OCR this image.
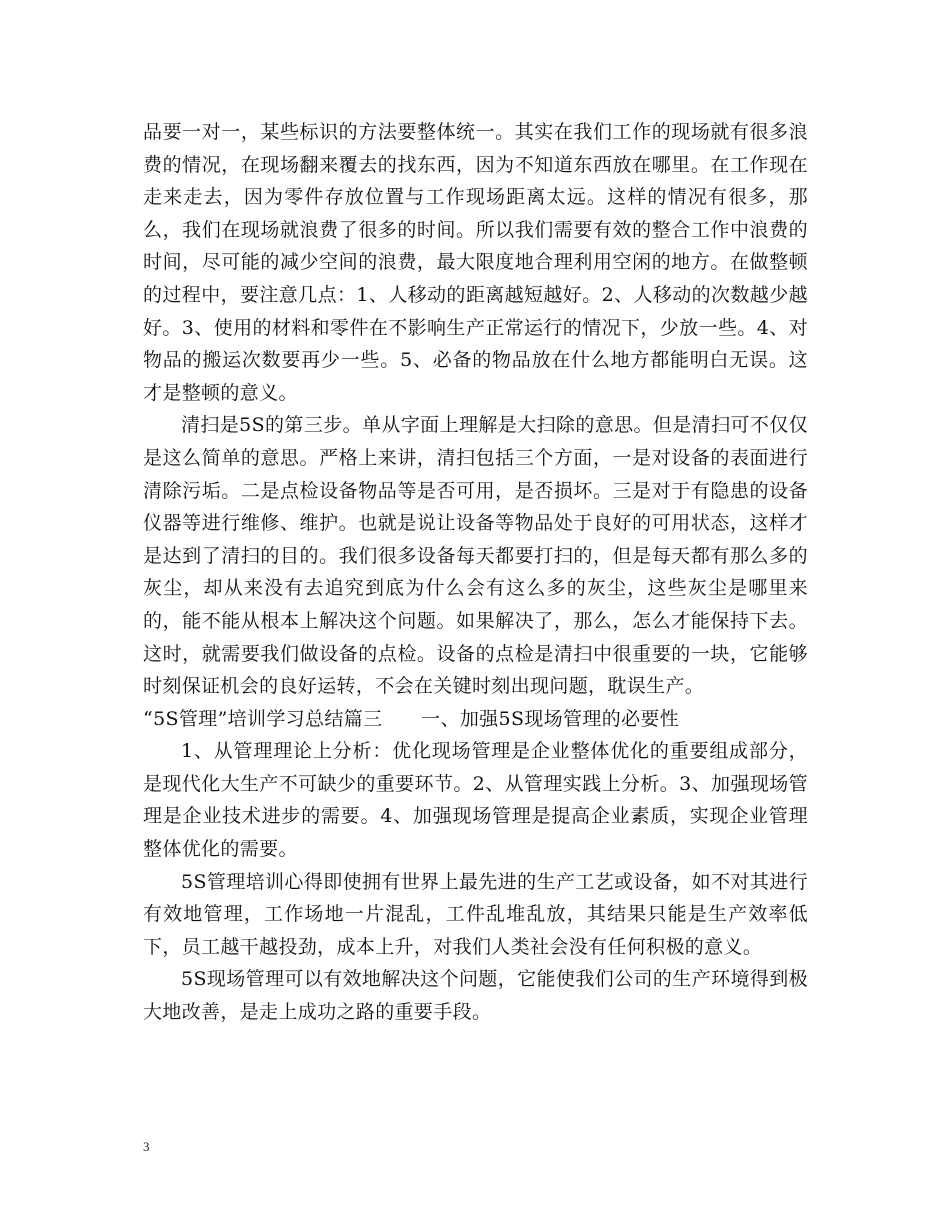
品要一对一，某些标识的方法要整体统一。其实在我们工作的现场就有很多浪费的情况，在现场翻来覆去的找东西，因为不知道东西放在哪里。在工作现在走来走去，因为零件存放位置与工作现场距离太远。这样的情况有很多，那么，我们在现场就浪费了很多的时间。所以我们需要有效的整合工作中浪费的时间，尽可能的减少空间的浪费，最大限度地合理利用空闲的地方。在做整顿的过程中，要注意几点：1、人移动的距离越短越好。2、人移动的次数越少越好。3、使用的材料和零件在不影响生产正常运行的情况下，少放一些。4、对物品的搬运次数要再少一些。5、必备的物品放在什么地方都能明白无误。这才是整顿的意义。

清扫是5S的第三步。单从字面上理解是大扫除的意思。但是清扫可不仅仅是这么简单的意思。严格上来讲，清扫包括三个方面，一是对设备的表面进行清除污垢。二是点检设备物品等是否可用，是否损坏。三是对于有隐患的设备仪器等进行维修、维护。也就是说让设备等物品处于良好的可用状态，这样才是达到了清扫的目的。我们很多设备每天都要打扫的，但是每天都有那么多的灰尘，却从来没有去追究到底为什么会有这么多的灰尘，这些灰尘是哪里来的，能不能从根本上解决这个问题。如果解决了，那么，怎么才能保持下去。这时，就需要我们做设备的点检。设备的点检是清扫中很重要的一块，它能够时刻保证机会的良好运转，不会在关键时刻出现问题，耽误生产。

“5S管理”培训学习总结篇三　　一、加强5S现场管理的必要性

1、从管理理论上分析：优化现场管理是企业整体优化的重要组成部分，是现代化大生产不可缺少的重要环节。2、从管理实践上分析。3、加强现场管理是企业技术进步的需要。4、加强现场管理是提高企业素质，实现企业管理整体优化的需要。

5S管理培训心得即使拥有世界上最先进的生产工艺或设备，如不对其进行有效地管理，工作场地一片混乱，工件乱堆乱放，其结果只能是生产效率低下，员工越干越投劲，成本上升，对我们人类社会没有任何积极的意义。

5S现场管理可以有效地解决这个问题，它能使我们公司的生产环境得到极大地改善，是走上成功之路的重要手段。

3
